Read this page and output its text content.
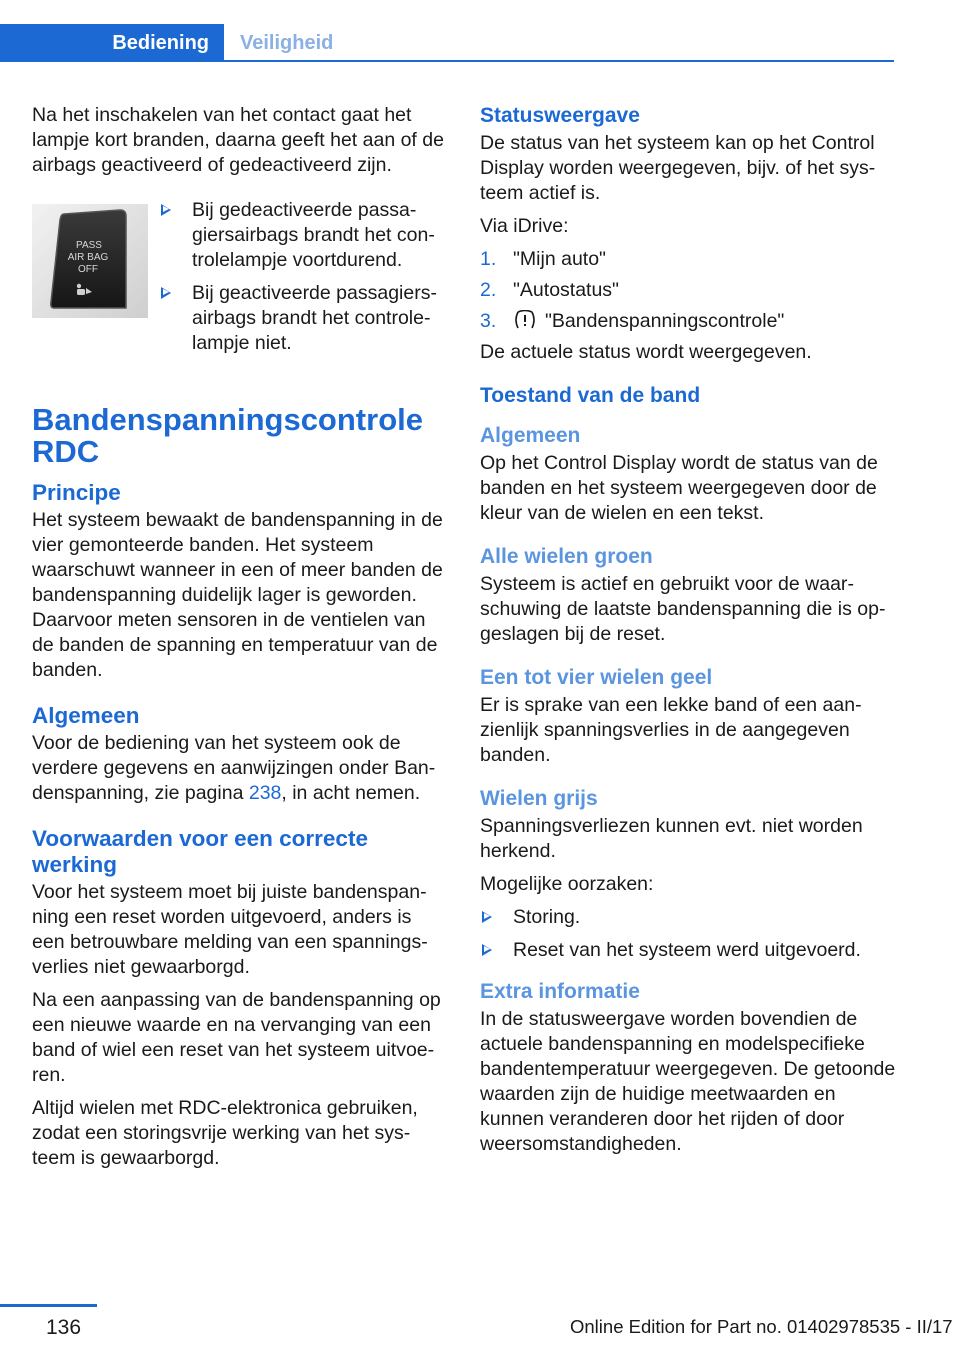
Bediening	Veiligheid

Na het inschakelen van het contact gaat het lampje kort branden, daarna geeft het aan of de airbags geactiveerd of gedeactiveerd zijn.

PASS
AIR BAG
OFF
Bij gedeactiveerde passagiersairbags brandt het controlelampje voortdurend.
Bij geactiveerde passagiersairbags brandt het controlelampje niet.
Bandenspanningscontrole RDC
Principe

Het systeem bewaakt de bandenspanning in de vier gemonteerde banden. Het systeem waarschuwt wanneer in een of meer banden de bandenspanning duidelijk lager is geworden. Daarvoor meten sensoren in de ventielen van de banden de spanning en temperatuur van de banden.

Algemeen

Voor de bediening van het systeem ook de verdere gegevens en aanwijzingen onder Bandenspanning, zie pagina 238, in acht nemen.

Voorwaarden voor een correcte werking

Voor het systeem moet bij juiste bandenspanning een reset worden uitgevoerd, anders is een betrouwbare melding van een spanningsverlies niet gewaarborgd.

Na een aanpassing van de bandenspanning op een nieuwe waarde en na vervanging van een band of wiel een reset van het systeem uitvoeren.

Altijd wielen met RDC-elektronica gebruiken, zodat een storingsvrije werking van het systeem is gewaarborgd.

Statusweergave

De status van het systeem kan op het Control Display worden weergegeven, bijv. of het systeem actief is.

Via iDrive:

1. "Mijn auto"
2. "Autostatus"
3. "Bandenspanningscontrole"

De actuele status wordt weergegeven.

Toestand van de band
Algemeen

Op het Control Display wordt de status van de banden en het systeem weergegeven door de kleur van de wielen en een tekst.

Alle wielen groen

Systeem is actief en gebruikt voor de waarschuwing de laatste bandenspanning die is opgeslagen bij de reset.

Een tot vier wielen geel

Er is sprake van een lekke band of een aanzienlijk spanningsverlies in de aangegeven banden.

Wielen grijs

Spanningsverliezen kunnen evt. niet worden herkend.

Mogelijke oorzaken:

Storing.
Reset van het systeem werd uitgevoerd.
Extra informatie

In de statusweergave worden bovendien de actuele bandenspanning en modelspecifieke bandentemperatuur weergegeven. De getoonde waarden zijn de huidige meetwaarden en kunnen veranderen door het rijden of door weersomstandigheden.

136	Online Edition for Part no. 01402978535 - II/17
